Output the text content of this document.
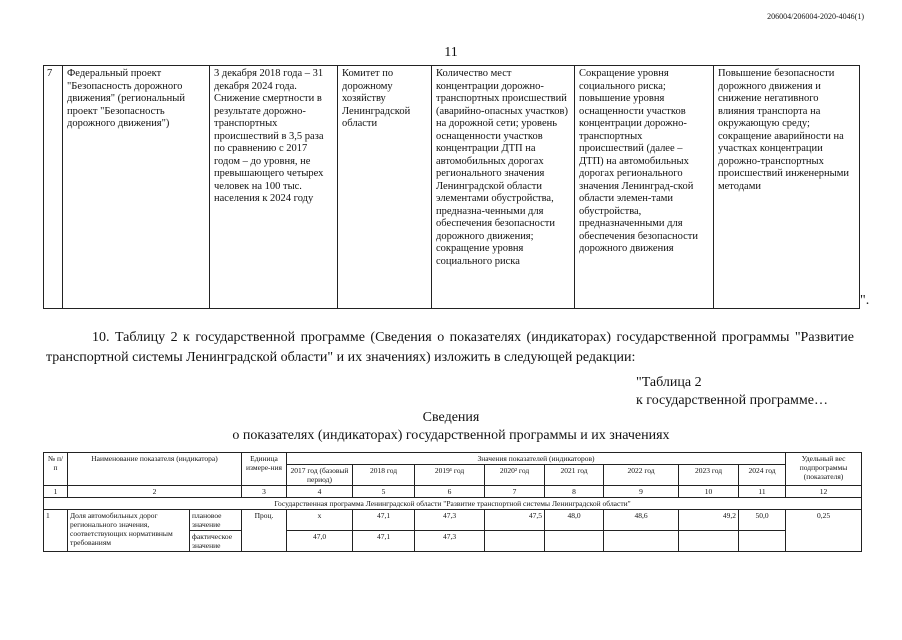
206004/206004-2020-4046(1)
11
7	Федеральный проект "Безопасность дорожного движения" (региональный проект "Безопасность дорожного движения")	3 декабря 2018 года – 31 декабря 2024 года. Снижение смертности в результате дорожно-транспортных происшествий в 3,5 раза по сравнению с 2017 годом – до уровня, не превышающего четырех человек на 100 тыс. населения к 2024 году	Комитет по дорожному хозяйству Ленинградской области	Количество мест концентрации дорожно-транспортных происшествий (аварийно-опасных участков) на дорожной сети; уровень оснащенности участков концентрации ДТП на автомобильных дорогах регионального значения Ленинградской области элементами обустройства, предназна-ченными для обеспечения безопасности дорожного движения; сокращение уровня социального риска	Сокращение уровня социального риска; повышение уровня оснащенности участков концентрации дорожно-транспортных происшествий (далее – ДТП) на автомобильных дорогах регионального значения Ленинград-ской области элемен-тами обустройства, предназначенными для обеспечения безопасности дорожного движения	Повышение безопасности дорожного движения и снижение негативного влияния транспорта на окружающую среду; сокращение аварийности на участках концентрации дорожно-транспортных происшествий инженерными методами
".
10. Таблицу 2 к государственной программе (Сведения о показателях (индикаторах) государственной программы "Развитие транспортной системы Ленинградской области" и их значениях) изложить в следующей редакции:
"Таблица 2
к государственной программе…
Сведения
о показателях (индикаторах) государственной программы и их значениях
№ п/п	Наименование показателя (индикатора)		Единица измере-ния	Значения показателей (индикаторов)								Удельный вес подпрограммы (показателя)
				2017 год (базовый период)	2018 год	2019¹ год	2020² год	2021 год	2022 год	2023 год	2024 год	
1	2		3	4	5	6	7	8	9	10	11	12
Государственная программа Ленинградской области "Развитие транспортной системы Ленинградской области"												
1	Доля автомобильных дорог регионального значения, соответствующих нормативным требованиям	плановое значение	Проц.	x	47,1	47,3	47,5	48,0	48,6	49,2	50,0	0,25
		фактическое значение		47,0	47,1	47,3						
